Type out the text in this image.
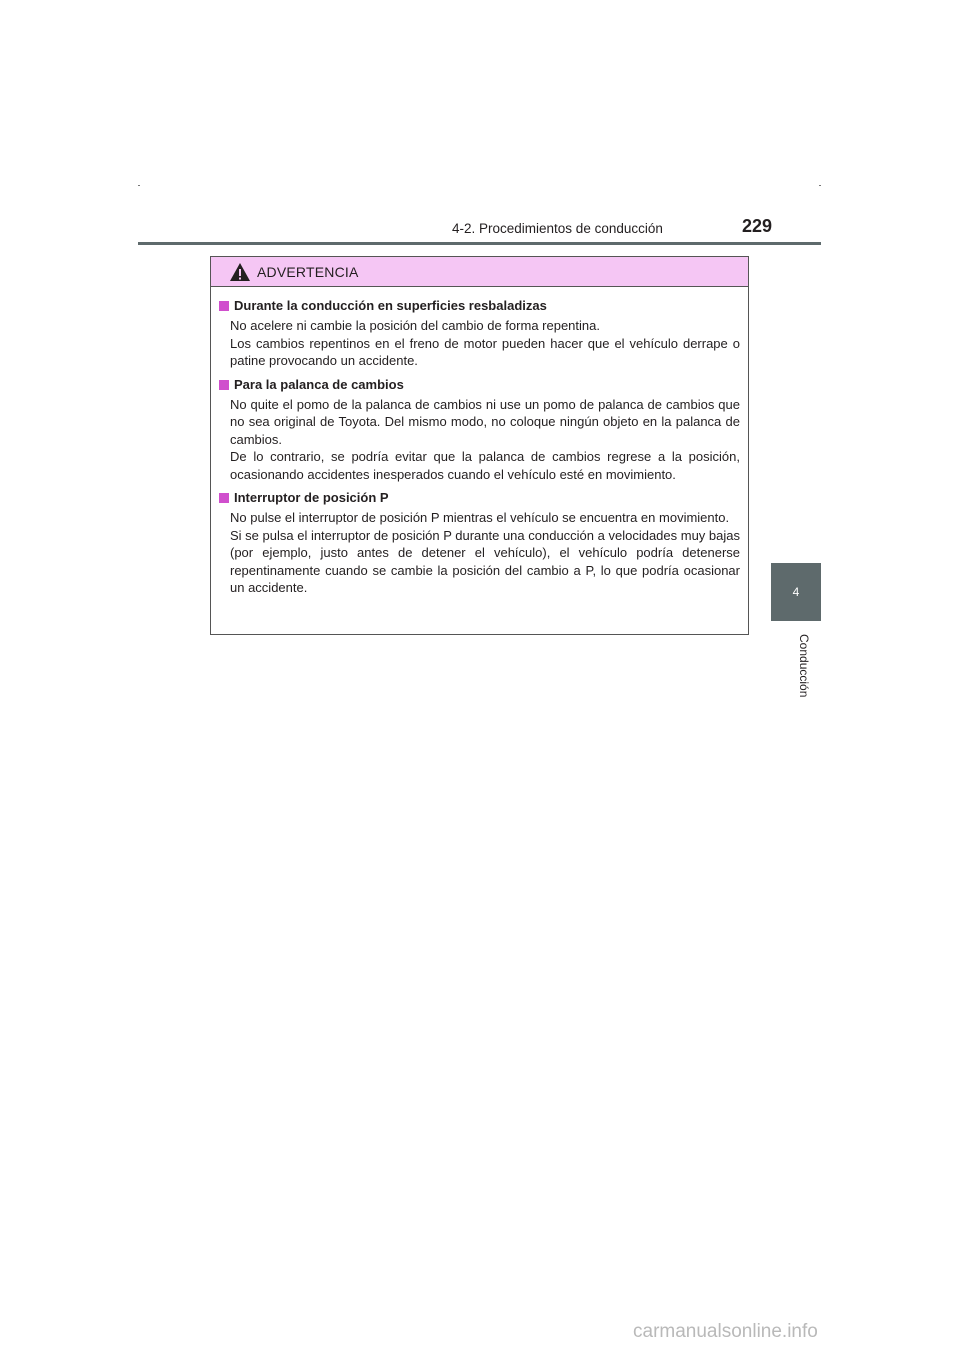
4-2. Procedimientos de conducción	229
4
Conducción
ADVERTENCIA
Durante la conducción en superficies resbaladizas
No acelere ni cambie la posición del cambio de forma repentina.
Los cambios repentinos en el freno de motor pueden hacer que el vehículo derrape o patine provocando un accidente.
Para la palanca de cambios
No quite el pomo de la palanca de cambios ni use un pomo de palanca de cambios que no sea original de Toyota. Del mismo modo, no coloque ningún objeto en la palanca de cambios.
De lo contrario, se podría evitar que la palanca de cambios regrese a la posición, ocasionando accidentes inesperados cuando el vehículo esté en movimiento.
Interruptor de posición P
No pulse el interruptor de posición P mientras el vehículo se encuentra en movimiento.
Si se pulsa el interruptor de posición P durante una conducción a velocidades muy bajas (por ejemplo, justo antes de detener el vehículo), el vehículo podría detenerse repentinamente cuando se cambie la posición del cambio a P, lo que podría ocasionar un accidente.
carmanualsonline.info
